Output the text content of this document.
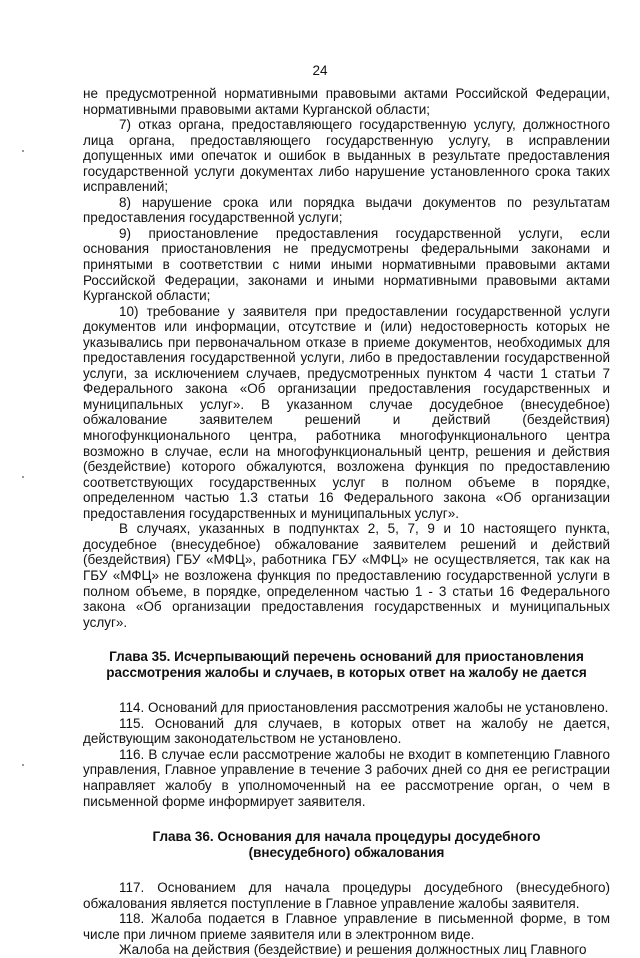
24

не предусмотренной нормативными правовыми актами Российской Федерации, нормативными правовыми актами Курганской области;

7) отказ органа, предоставляющего государственную услугу, должностного лица органа, предоставляющего государственную услугу, в исправлении допущенных ими опечаток и ошибок в выданных в результате предоставления государственной услуги документах либо нарушение установленного срока таких исправлений;

8) нарушение срока или порядка выдачи документов по результатам предоставления государственной услуги;

9) приостановление предоставления государственной услуги, если основания приостановления не предусмотрены федеральными законами и принятыми в соответствии с ними иными нормативными правовыми актами Российской Федерации, законами и иными нормативными правовыми актами Курганской области;

10) требование у заявителя при предоставлении государственной услуги документов или информации, отсутствие и (или) недостоверность которых не указывались при первоначальном отказе в приеме документов, необходимых для предоставления государственной услуги, либо в предоставлении государственной услуги, за исключением случаев, предусмотренных пунктом 4 части 1 статьи 7 Федерального закона «Об организации предоставления государственных и муниципальных услуг». В указанном случае досудебное (внесудебное) обжалование заявителем решений и действий (бездействия) многофункционального центра, работника многофункционального центра возможно в случае, если на многофункциональный центр, решения и действия (бездействие) которого обжалуются, возложена функция по предоставлению соответствующих государственных услуг в полном объеме в порядке, определенном частью 1.3 статьи 16 Федерального закона «Об организации предоставления государственных и муниципальных услуг».

В случаях, указанных в подпунктах 2, 5, 7, 9 и 10 настоящего пункта, досудебное (внесудебное) обжалование заявителем решений и действий (бездействия) ГБУ «МФЦ», работника ГБУ «МФЦ» не осуществляется, так как на ГБУ «МФЦ» не возложена функция по предоставлению государственной услуги в полном объеме, в порядке, определенном частью 1 - 3 статьи 16 Федерального закона «Об организации предоставления государственных и муниципальных услуг».

Глава 35. Исчерпывающий перечень оснований для приостановления рассмотрения жалобы и случаев, в которых ответ на жалобу не дается

114. Оснований для приостановления рассмотрения жалобы не установлено.

115. Оснований для случаев, в которых ответ на жалобу не дается, действующим законодательством не установлено.

116. В случае если рассмотрение жалобы не входит в компетенцию Главного управления, Главное управление в течение 3 рабочих дней со дня ее регистрации направляет жалобу в уполномоченный на ее рассмотрение орган, о чем в письменной форме информирует заявителя.

Глава 36. Основания для начала процедуры досудебного (внесудебного) обжалования

117. Основанием для начала процедуры досудебного (внесудебного) обжалования является поступление в Главное управление жалобы заявителя.

118. Жалоба подается в Главное управление в письменной форме, в том числе при личном приеме заявителя или в электронном виде.

Жалоба на действия (бездействие) и решения должностных лиц Главного
